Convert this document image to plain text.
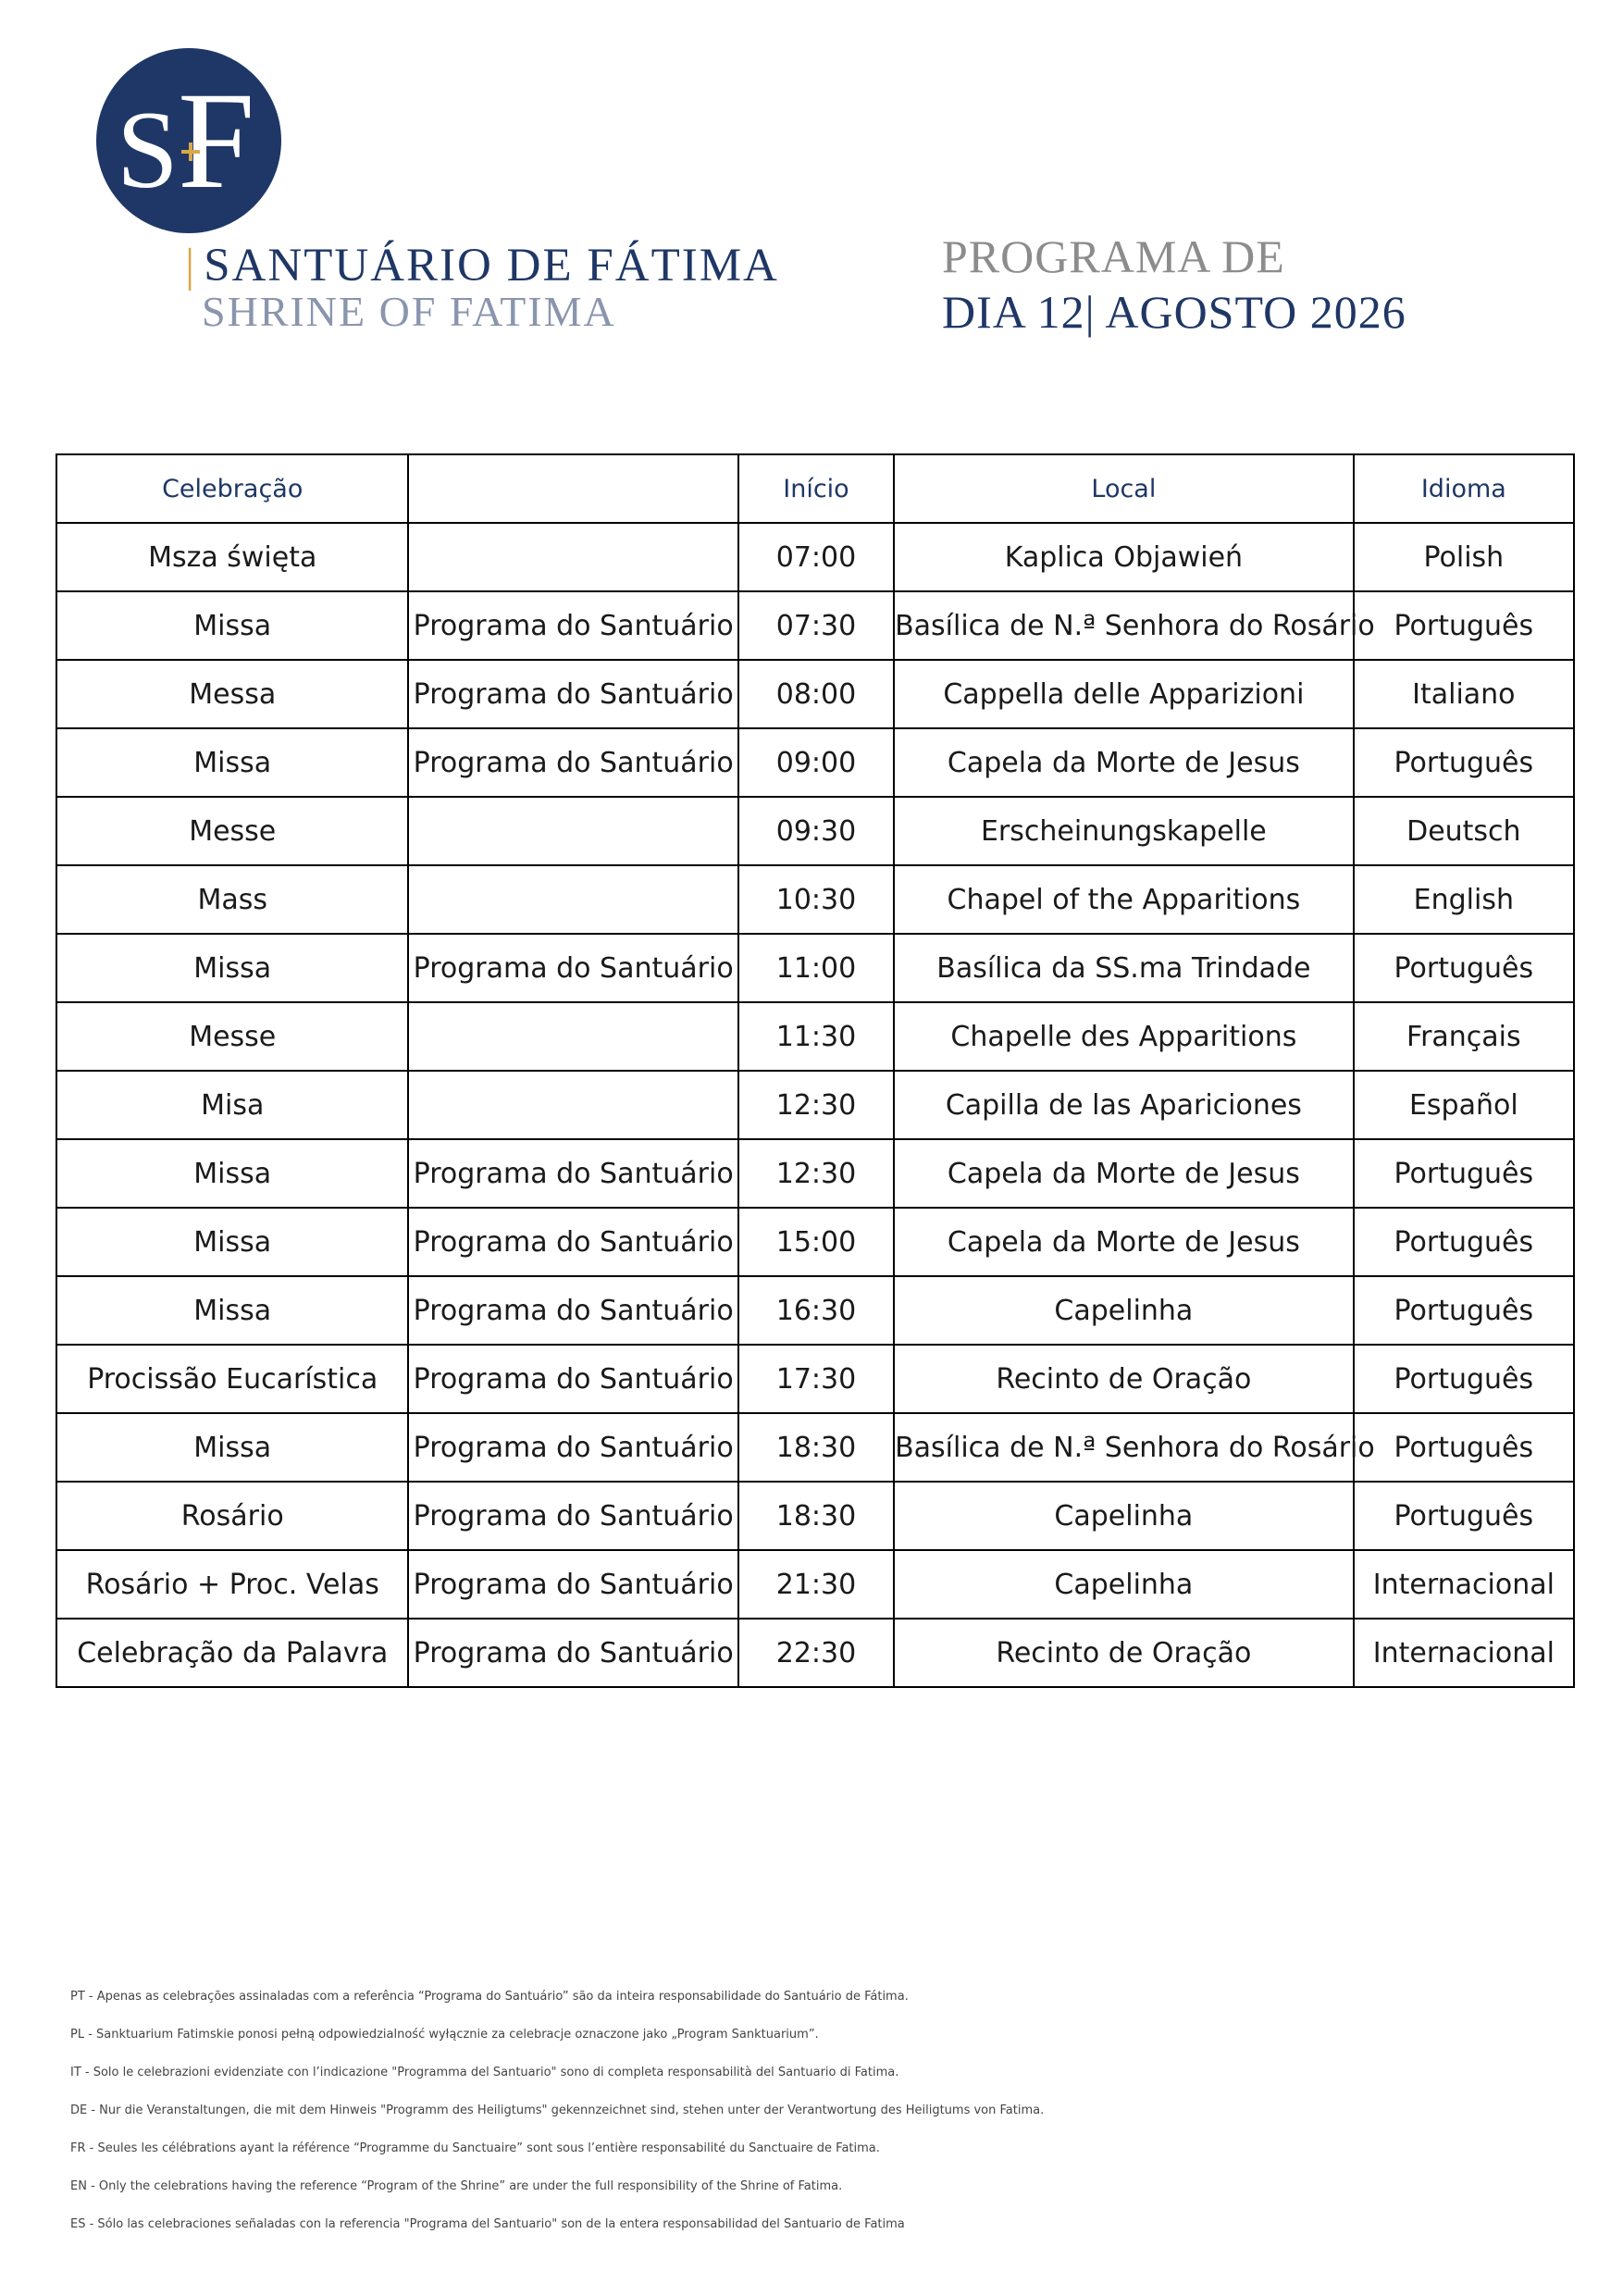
S F
| SANTUÁRIO DE FÁTIMA
SHRINE OF FATIMA
PROGRAMA DE
DIA 12| AGOSTO 2026
Celebração		Início	Local	Idioma
Msza święta		07:00	Kaplica Objawień	Polish
Missa	Programa do Santuário	07:30	Basílica de N.ª Senhora do Rosário	Português
Messa	Programa do Santuário	08:00	Cappella delle Apparizioni	Italiano
Missa	Programa do Santuário	09:00	Capela da Morte de Jesus	Português
Messe		09:30	Erscheinungskapelle	Deutsch
Mass		10:30	Chapel of the Apparitions	English
Missa	Programa do Santuário	11:00	Basílica da SS.ma Trindade	Português
Messe		11:30	Chapelle des Apparitions	Français
Misa		12:30	Capilla de las Apariciones	Español
Missa	Programa do Santuário	12:30	Capela da Morte de Jesus	Português
Missa	Programa do Santuário	15:00	Capela da Morte de Jesus	Português
Missa	Programa do Santuário	16:30	Capelinha	Português
Procissão Eucarística	Programa do Santuário	17:30	Recinto de Oração	Português
Missa	Programa do Santuário	18:30	Basílica de N.ª Senhora do Rosário	Português
Rosário	Programa do Santuário	18:30	Capelinha	Português
Rosário + Proc. Velas	Programa do Santuário	21:30	Capelinha	Internacional
Celebração da Palavra	Programa do Santuário	22:30	Recinto de Oração	Internacional
PT - Apenas as celebrações assinaladas com a referência “Programa do Santuário” são da inteira responsabilidade do Santuário de Fátima.
PL - Sanktuarium Fatimskie ponosi pełną odpowiedzialność wyłącznie za celebracje oznaczone jako „Program Sanktuarium”.
IT - Solo le celebrazioni evidenziate con l’indicazione "Programma del Santuario" sono di completa responsabilità del Santuario di Fatima.
DE - Nur die Veranstaltungen, die mit dem Hinweis "Programm des Heiligtums" gekennzeichnet sind, stehen unter der Verantwortung des Heiligtums von Fatima.
FR - Seules les célébrations ayant la référence “Programme du Sanctuaire” sont sous l’entière responsabilité du Sanctuaire de Fatima.
EN - Only the celebrations having the reference “Program of the Shrine” are under the full responsibility of the Shrine of Fatima.
ES - Sólo las celebraciones señaladas con la referencia "Programa del Santuario" son de la entera responsabilidad del Santuario de Fatima
